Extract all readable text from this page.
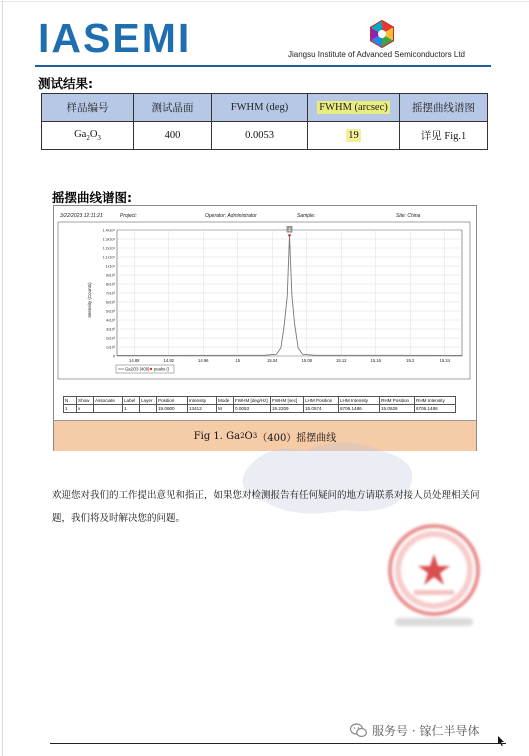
IASEMI	Jiangsu Institute of Advanced Semiconductors Ltd
测试结果:
样品编号	测试晶面	FWHM (deg)	FWHM (arcsec)	摇摆曲线谱图
$Ga_2O_3$	400	0.0053	19	详见 Fig.1
摇摆曲线谱图:
3/22/2023 12:11:21	Project:	Operator: Administrator	Sample:	Site: China
Intensity (Counts)
0
1x10³
2x10³
3x10³
4x10³
5x10³
6x10³
7x10³
8x10³
9x10³
1x10⁴
1.1x10⁴
1.2x10⁴
1.3x10⁴
1.4x10⁴
14.88	14.92	14.96	15	15.04	15.08	15.12	15.16	15.2	15.24
1
Ga2O3 (400) peaks ()
N	Show	Associate	Label	Layer	Position	Intensity	Mode	FWHM [deg/Hz]	FWHM [sec]	LHM Position	LHM Intensity	RHM Position	RHM Intensity
1	x		1		15.0600	13412	M	0.0053	19.2209	15.0574	6706.1486	15.0628	6706.1486
Fig 1. Ga 2 O 3 （400）摇摆曲线
欢迎您对我们的工作提出意见和指正，如果您对检测报告有任何疑问的地方请联系对接人员处理相关问题，我们将及时解决您的问题。
服务号 · 镓仁半导体
